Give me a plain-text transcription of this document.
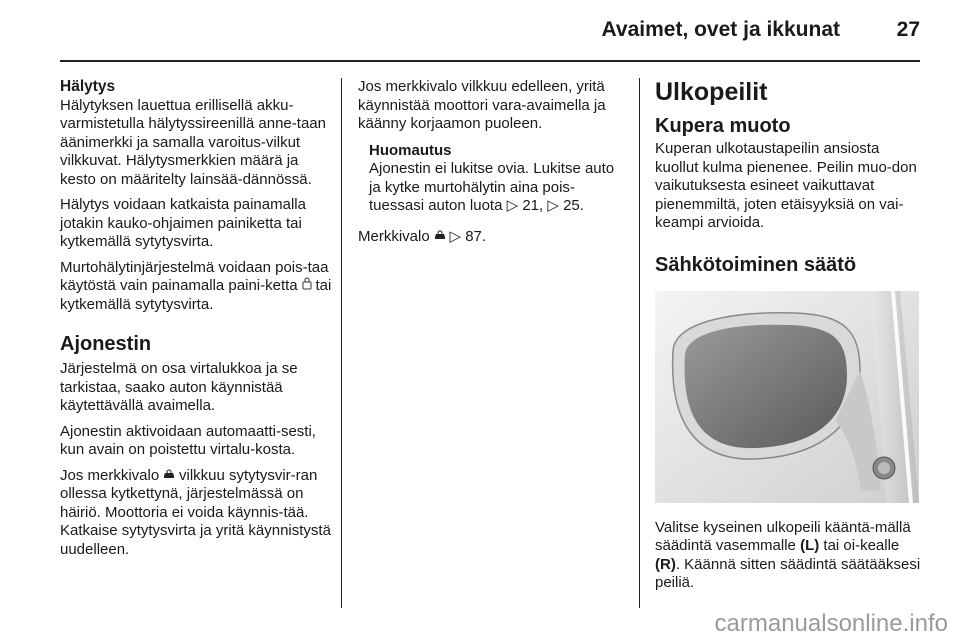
Avaimet, ovet ja ikkunat	27
Hälytys

Hälytyksen lauettua erillisellä akku-varmistetulla hälytyssireenillä anne-taan äänimerkki ja samalla varoitus-vilkut vilkkuvat. Hälytysmerkkien määrä ja kesto on määritelty lainsää-dännössä.

Hälytys voidaan katkaista painamalla jotakin kauko-ohjaimen painiketta tai kytkemällä sytytysvirta.

Murtohälytinjärjestelmä voidaan pois-taa käytöstä vain painamalla paini-ketta tai kytkemällä sytytysvirta.

Ajonestin

Järjestelmä on osa virtalukkoa ja se tarkistaa, saako auton käynnistää käytettävällä avaimella.

Ajonestin aktivoidaan automaatti-sesti, kun avain on poistettu virtalu-kosta.

Jos merkkivalo vilkkuu sytytysvir-ran ollessa kytkettynä, järjestelmässä on häiriö. Moottoria ei voida käynnis-tää. Katkaise sytytysvirta ja yritä käynnistystä uudelleen.

Jos merkkivalo vilkkuu edelleen, yritä käynnistää moottori vara-avaimella ja käänny korjaamon puoleen.

Huomautus
Ajonestin ei lukitse ovia. Lukitse auto ja kytke murtohälytin aina pois-tuessasi auton luota ▷ 21, ▷ 25.

Merkkivalo ▷ 87.

Ulkopeilit
Kupera muoto

Kuperan ulkotaustapeilin ansiosta kuollut kulma pienenee. Peilin muo-don vaikutuksesta esineet vaikuttavat pienemmiltä, joten etäisyyksiä on vai-keampi arvioida.

Sähkötoiminen säätö

Valitse kyseinen ulkopeili kääntä-mällä säädintä vasemmalle (L) tai oi-kealle (R). Käännä sitten säädintä säätääksesi peiliä.

carmanualsonline.info
